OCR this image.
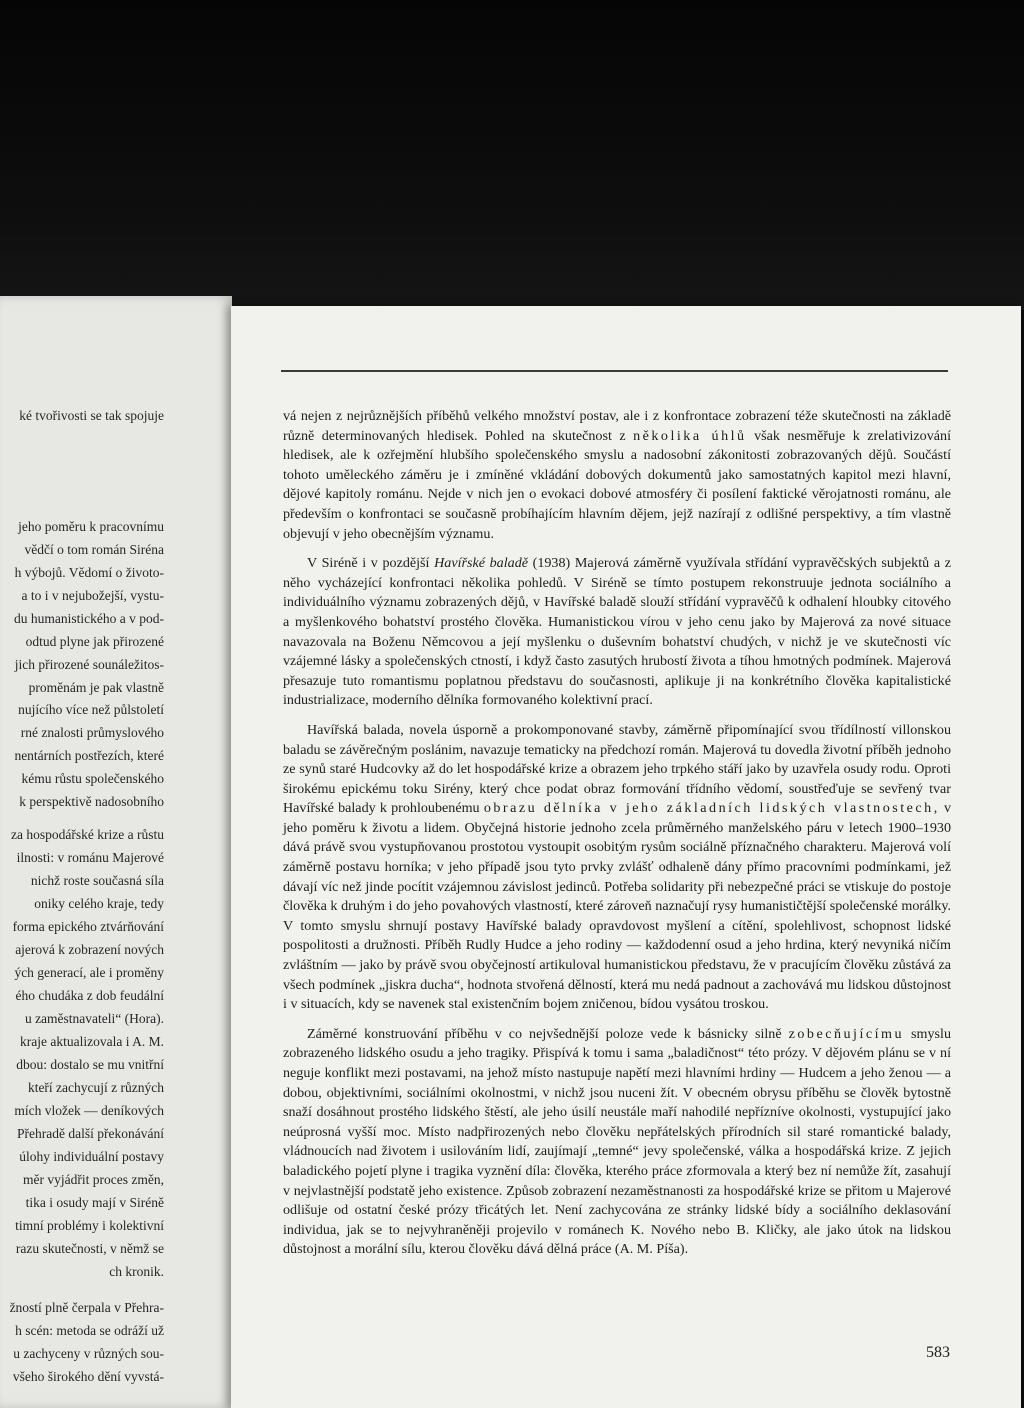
ké tvořivosti se tak spojuje
jeho poměru k pracovnímu
vědčí o tom román Siréna
h výbojů. Vědomí o životo-
a to i v nejubožejší, vystu-
du humanistického a v pod-
odtud plyne jak přirozené
jich přirozené sounáležitos-
proměnám je pak vlastně
nujícího více než půlstoletí
rné znalosti průmyslového
nentárních postřezích, které
kému růstu společenského
k perspektivě nadosobního
za hospodářské krize a růstu
ilnosti: v románu Majerové
nichž roste současná síla
oniky celého kraje, tedy
forma epického ztvárňování
ajerová k zobrazení nových
ých generací, ale i proměny
ého chudáka z dob feudální
u zaměstnavateli“ (Hora).
kraje aktualizovala i A. M.
dbou: dostalo se mu vnitřní
kteří zachycují z různých
mích vložek — deníkových
Přehradě další překonávání
úlohy individuální postavy
měr vyjádřit proces změn,
tika i osudy mají v Siréně
timní problémy i kolektivní
razu skutečnosti, v němž se
ch kronik.
žností plně čerpala v Přehra-
h scén: metoda se odráží už
u zachyceny v různých sou-
všeho širokého dění vyvstá-

vá nejen z nejrůznějších příběhů velkého množství postav, ale i z konfrontace zobrazení téže skutečnosti na základě různě determinovaných hledisek. Pohled na skutečnost z několika úhlů však nesměřuje k zrelativizování hledisek, ale k ozřejmění hlubšího společenského smyslu a nadosobní zákonitosti zobrazovaných dějů. Součástí tohoto uměleckého záměru je i zmíněné vkládání dobových dokumentů jako samostatných kapitol mezi hlavní, dějové kapitoly románu. Nejde v nich jen o evokaci dobové atmosféry či posílení faktické věrojatnosti románu, ale především o konfrontaci se současně probíhajícím hlavním dějem, jejž nazírají z odlišné perspektivy, a tím vlastně objevují v jeho obecnějším významu.

V Siréně i v pozdější Havířské baladě (1938) Majerová záměrně využívala střídání vypravěčských subjektů a z něho vycházející konfrontaci několika pohledů. V Siréně se tímto postupem rekonstruuje jednota sociálního a individuálního významu zobrazených dějů, v Havířské baladě slouží střídání vypravěčů k odhalení hloubky citového a myšlenkového bohatství prostého člověka. Humanistickou vírou v jeho cenu jako by Majerová za nové situace navazovala na Boženu Němcovou a její myšlenku o duševním bohatství chudých, v nichž je ve skutečnosti víc vzájemné lásky a společenských ctností, i když často zasutých hrubostí života a tíhou hmotných podmínek. Majerová přesazuje tuto romantismu poplatnou představu do současnosti, aplikuje ji na konkrétního člověka kapitalistické industrializace, moderního dělníka formovaného kolektivní prací.

Havířská balada, novela úsporně a prokomponované stavby, záměrně připomínající svou třídílností villonskou baladu se závěrečným poslánim, navazuje tematicky na předchozí román. Majerová tu dovedla životní příběh jednoho ze synů staré Hudcovky až do let hospodářské krize a obrazem jeho trpkého stáří jako by uzavřela osudy rodu. Oproti širokému epickému toku Sirény, který chce podat obraz formování třídního vědomí, soustřeďuje se sevřený tvar Havířské balady k prohloubenému obrazu dělníka v jeho základních lidských vlastnostech, v jeho poměru k životu a lidem. Obyčejná historie jednoho zcela průměrného manželského páru v letech 1900–1930 dává právě svou vystupňovanou prostotou vystoupit osobitým rysům sociálně příznačného charakteru. Majerová volí záměrně postavu horníka; v jeho případě jsou tyto prvky zvlášť odhaleně dány přímo pracovními podmínkami, jež dávají víc než jinde pocítit vzájemnou závislost jedinců. Potřeba solidarity při nebezpečné práci se vtiskuje do postoje člověka k druhým i do jeho povahových vlastností, které zároveň naznačují rysy humanističtější společenské morálky. V tomto smyslu shrnují postavy Havířské balady opravdovost myšlení a cítění, spolehlivost, schopnost lidské pospolitosti a družnosti. Příběh Rudly Hudce a jeho rodiny — každodenní osud a jeho hrdina, který nevyniká ničím zvláštním — jako by právě svou obyčejností artikuloval humanistickou představu, že v pracujícím člověku zůstává za všech podmínek „jiskra ducha“, hodnota stvořená dělností, která mu nedá padnout a zachovává mu lidskou důstojnost i v situacích, kdy se navenek stal existenčním bojem zničenou, bídou vysátou troskou.

Záměrné konstruování příběhu v co nejvšednější poloze vede k básnicky silně zobecňujícímu smyslu zobrazeného lidského osudu a jeho tragiky. Přispívá k tomu i sama „baladičnost“ této prózy. V dějovém plánu se v ní neguje konflikt mezi postavami, na jehož místo nastupuje napětí mezi hlavními hrdiny — Hudcem a jeho ženou — a dobou, objektivními, sociálními okolnostmi, v nichž jsou nuceni žít. V obecném obrysu příběhu se člověk bytostně snaží dosáhnout prostého lidského štěstí, ale jeho úsilí neustále maří nahodilé nepřízníve okolnosti, vystupující jako neúprosná vyšší moc. Místo nadpřirozených nebo člověku nepřátelských přírodních sil staré romantické balady, vládnoucích nad životem i usilováním lidí, zaujímají „temné“ jevy společenské, válka a hospodářská krize. Z jejich baladického pojetí plyne i tragika vyznění díla: člověka, kterého práce zformovala a který bez ní nemůže žít, zasahují v nejvlastnější podstatě jeho existence. Způsob zobrazení nezaměstnanosti za hospodářské krize se přitom u Majerové odlišuje od ostatní české prózy třicátých let. Není zachycována ze stránky lidské bídy a sociálního deklasování individua, jak se to nejvyhraněněji projevilo v románech K. Nového nebo B. Kličky, ale jako útok na lidskou důstojnost a morální sílu, kterou člověku dává dělná práce (A. M. Píša).

583
